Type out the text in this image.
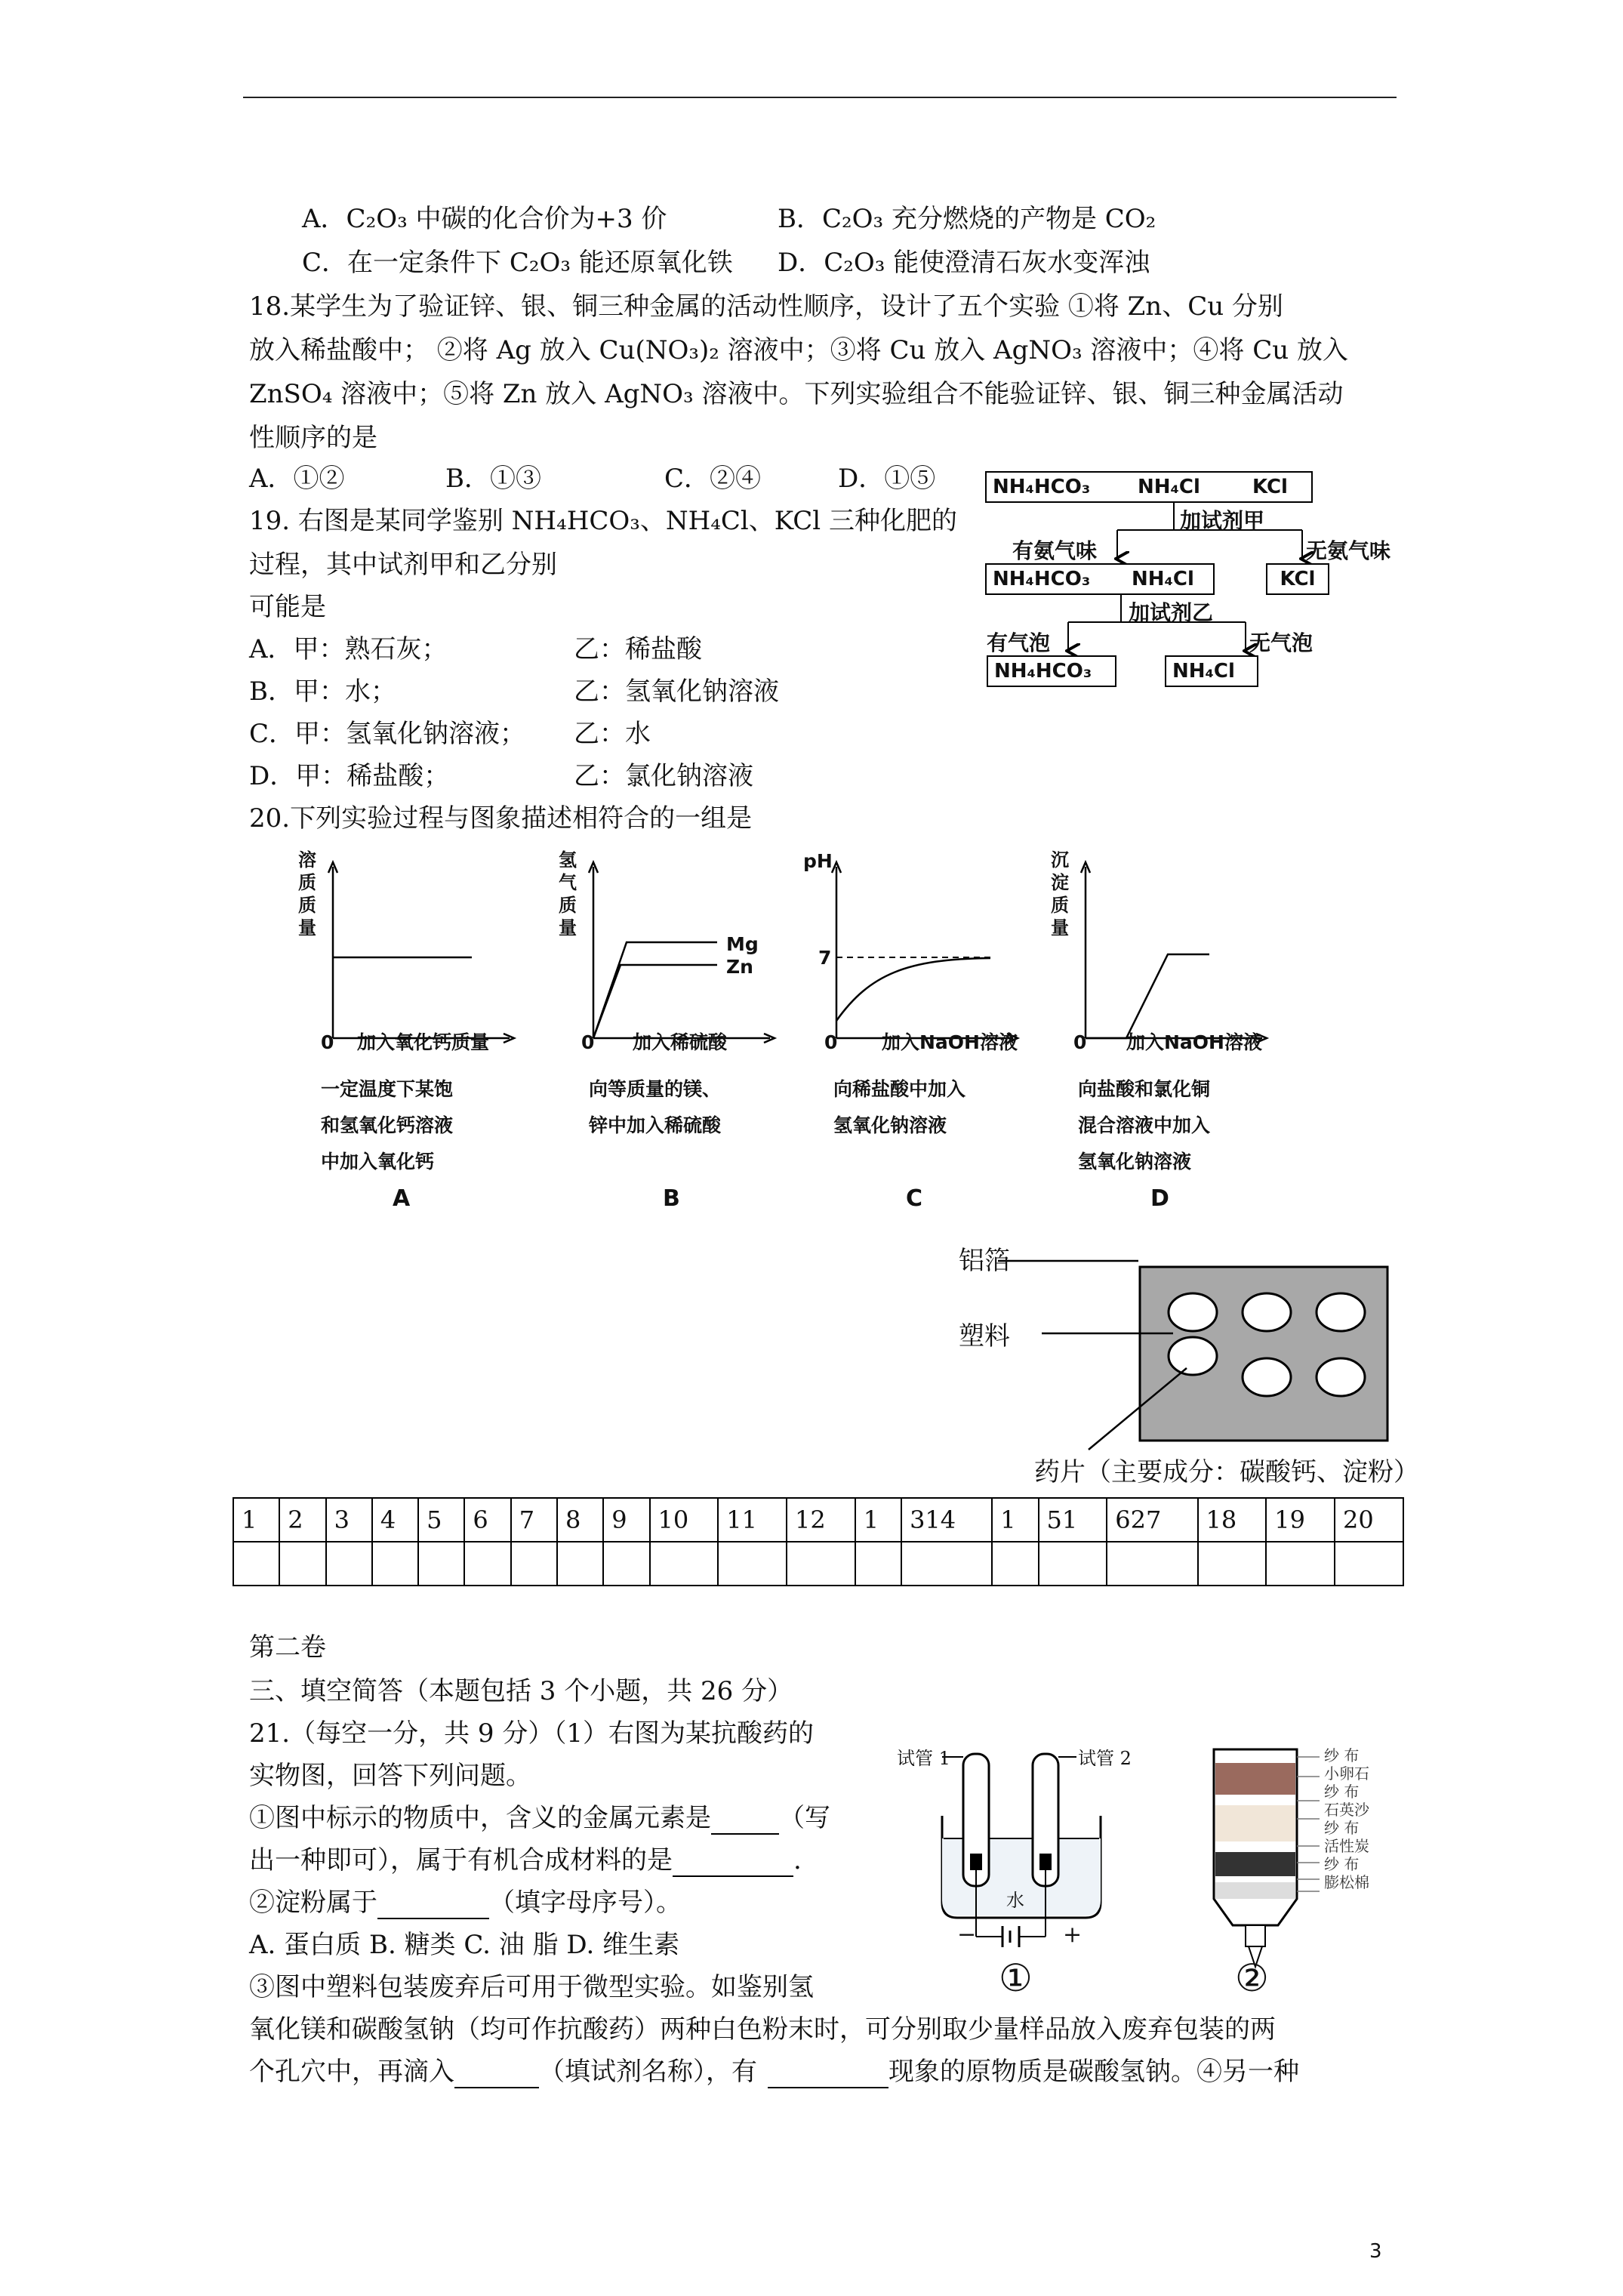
A．C₂O₃ 中碳的化合价为+3 价	B．C₂O₃ 充分燃烧的产物是 CO₂
C．在一定条件下 C₂O₃ 能还原氧化铁 D．C₂O₃ 能使澄清石灰水变浑浊
18.某学生为了验证锌、银、铜三种金属的活动性顺序，设计了五个实验 ①将 Zn、Cu 分别
放入稀盐酸中； ②将 Ag 放入 Cu(NO₃)₂ 溶液中；③将 Cu 放入 AgNO₃ 溶液中；④将 Cu 放入
ZnSO₄ 溶液中；⑤将 Zn 放入 AgNO₃ 溶液中。下列实验组合不能验证锌、银、铜三种金属活动
性顺序的是
A．①②	B．①③	C．②④	D．①⑤
19. 右图是某同学鉴别 NH₄HCO₃、NH₄Cl、KCl 三种化肥的
过程，其中试剂甲和乙分别
可能是
A．甲：熟石灰；	乙：稀盐酸
B．甲：水；	乙：氢氧化钠溶液
C．甲：氢氧化钠溶液； 乙：水
D．甲：稀盐酸；	乙：氯化钠溶液
NH₄HCO₃ NH₄Cl	KCl
加试剂甲
有氨气味	无氨气味
NH₄HCO₃ NH₄Cl	KCl
加试剂乙
有气泡	无气泡
NH₄HCO₃	NH₄Cl
20.下列实验过程与图象描述相符合的一组是
溶质质量
0 加入氧化钙质量
一定温度下某饱
和氢氧化钙溶液
中加入氧化钙
A
氢气质量
Mg
Zn
0 加入稀硫酸
向等质量的镁、
锌中加入稀硫酸
B
pH
7
0 加入NaOH溶液
向稀盐酸中加入
氢氧化钠溶液
C
沉淀质量
0 加入NaOH溶液
向盐酸和氯化铜
混合溶液中加入
氢氧化钠溶液
D
铝箔
塑料
药片（主要成分：碳酸钙、淀粉）
1	2	3	4	5	6	7	8	9	10	11	12	1	314	1	51	627	18	19	20

第二卷
三、填空简答（本题包括 3 个小题，共 26 分）
21.（每空一分，共 9 分）（1）右图为某抗酸药的
实物图，回答下列问题。
①图中标示的物质中，含义的金属元素是	（写
出一种即可），属于有机合成材料的是	.
②淀粉属于	（填字母序号）。
A. 蛋白质 B. 糖类 C. 油 脂 D. 维生素
③图中塑料包装废弃后可用于微型实验。如鉴别氢
氧化镁和碳酸氢钠（均可作抗酸药）两种白色粉末时，可分别取少量样品放入废弃包装的两
个孔穴中，再滴入	（填试剂名称），有	现象的原物质是碳酸氢钠。④另一种
试管 1	试管 2
水
−	+
①	②
纱 布
小卵石
纱 布
石英沙
纱 布
活性炭
纱 布
膨松棉
3
